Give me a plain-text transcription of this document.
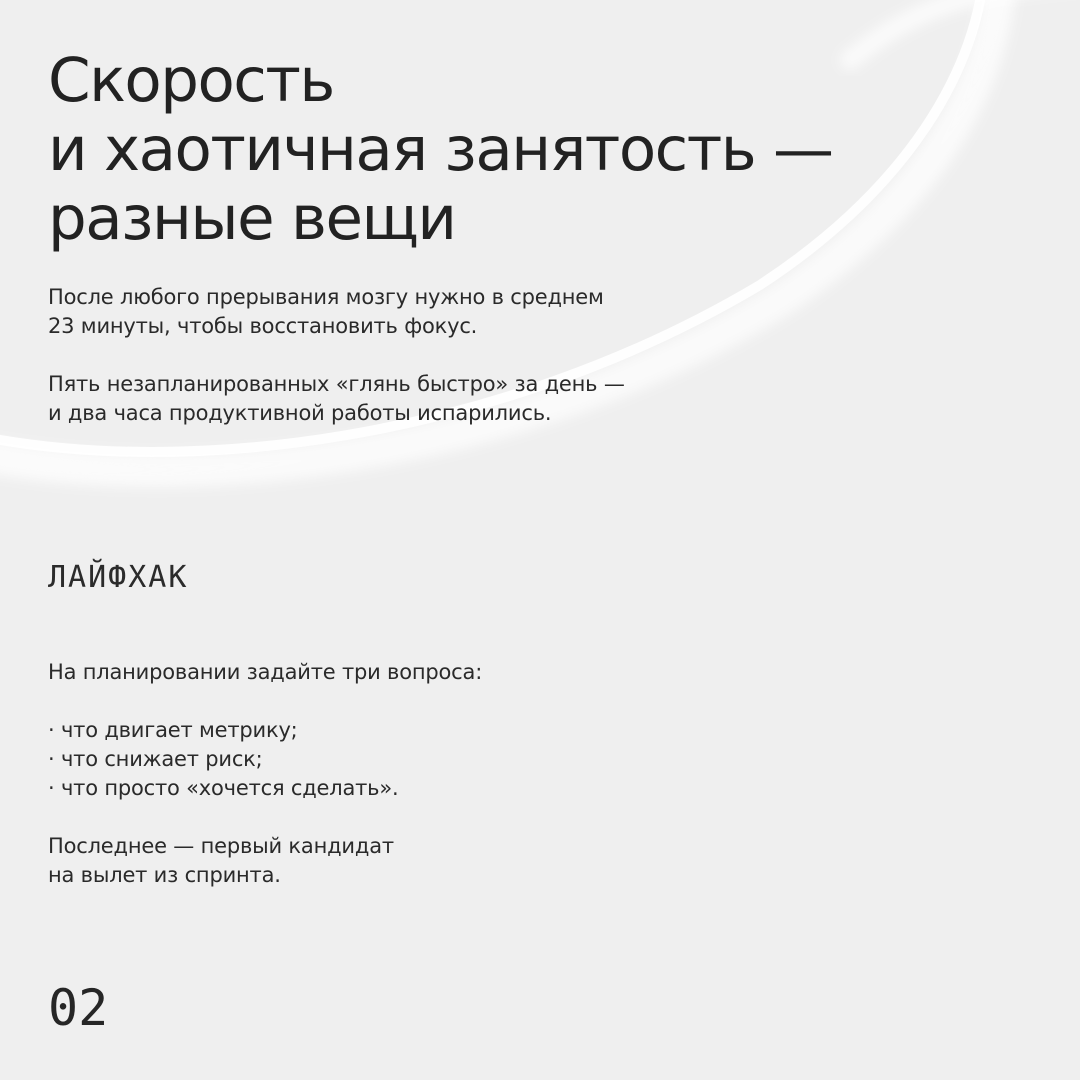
Скорость
и хаотичная занятость —
разные вещи

После любого прерывания мозгу нужно в среднем
23 минуты, чтобы восстановить фокус.

Пять незапланированных «глянь быстро» за день —
и два часа продуктивной работы испарились.

ЛАЙФХАК

На планировании задайте три вопроса:

· что двигает метрику;
· что снижает риск;
· что просто «хочется сделать».

Последнее — первый кандидат
на вылет из спринта.

02
